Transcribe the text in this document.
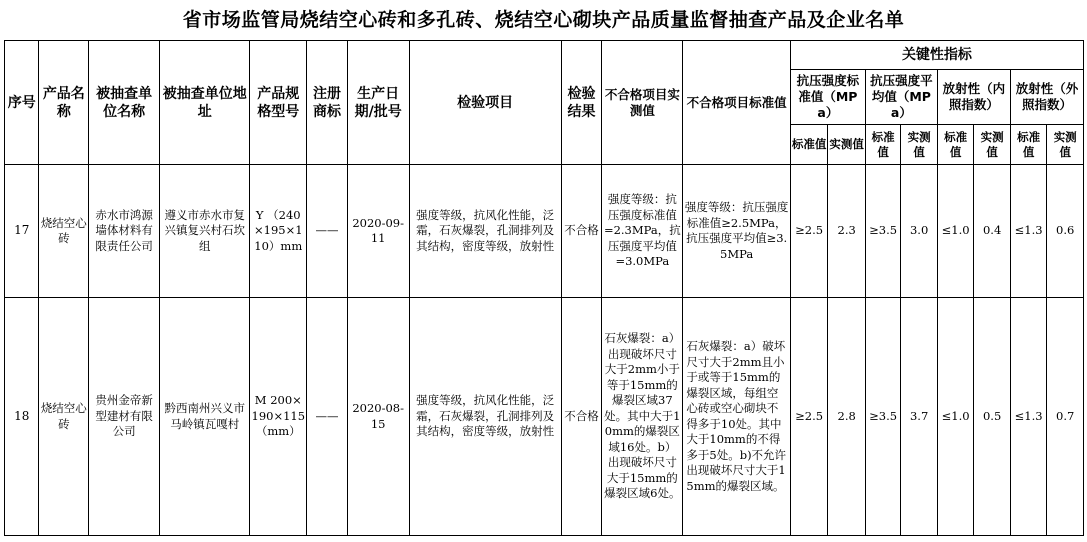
省市场监管局烧结空心砖和多孔砖、烧结空心砌块产品质量监督抽查产品及企业名单
序号	产品名称	被抽查单位名称	被抽查单位地址	产品规格型号	注册商标	生产日期/批号	检验项目	检验结果	不合格项目实测值	不合格项目标准值	关键性指标							
											抗压强度标准值（MPa）		抗压强度平均值（MPa）		放射性（内照指数）		放射性（外照指数）	
											标准值	实测值	标准值	实测值	标准值	实测值	标准值	实测值
17	烧结空心砖	赤水市鸿源墙体材料有限责任公司	遵义市赤水市复兴镇复兴村石坎组	Y （240×195×110）mm	——	2020-09-11	强度等级，抗风化性能，泛霜，石灰爆裂，孔洞排列及其结构，密度等级，放射性	不合格	强度等级：抗压强度标准值=2.3MPa，抗压强度平均值=3.0MPa	强度等级：抗压强度标准值≥2.5MPa，抗压强度平均值≥3.5MPa	≥2.5	2.3	≥3.5	3.0	≤1.0	0.4	≤1.3	0.6
18	烧结空心砖	贵州金帝新型建材有限公司	黔西南州兴义市马岭镇瓦嘎村	M 200×190×115（mm）	——	2020-08-15	强度等级，抗风化性能，泛霜，石灰爆裂，孔洞排列及其结构，密度等级，放射性	不合格	石灰爆裂：a）出现破坏尺寸大于2mm小于等于15mm的爆裂区域37处。其中大于10mm的爆裂区域16处。b）出现破坏尺寸大于15mm的爆裂区域6处。	石灰爆裂：a）破坏尺寸大于2mm且小于或等于15mm的爆裂区域，每组空心砖或空心砌块不得多于10处。其中大于10mm的不得多于5处。b)不允许出现破坏尺寸大于15mm的爆裂区域。	≥2.5	2.8	≥3.5	3.7	≤1.0	0.5	≤1.3	0.7
